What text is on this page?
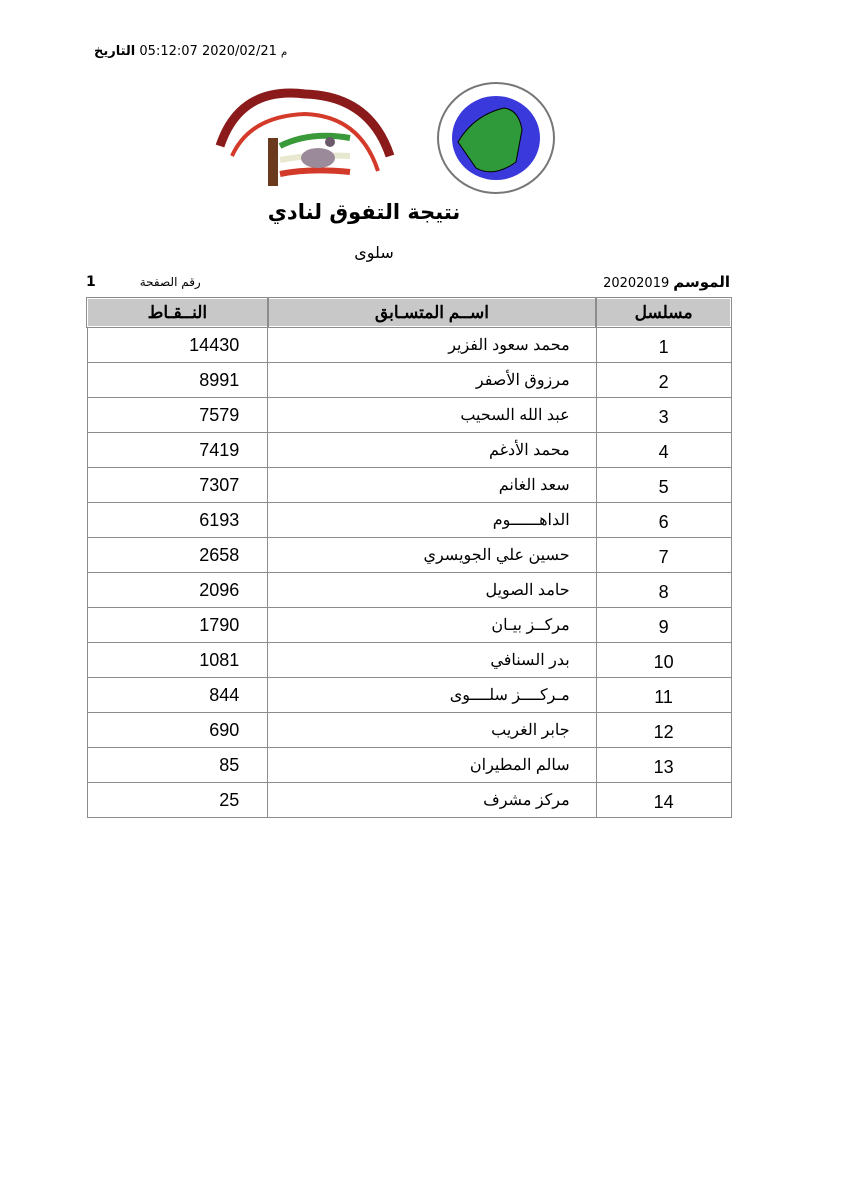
م 2020/02/21 05:12:07 التاريخ
نتيجة التفوق لنادي
سلوى
الموسم20202019
1	رقم الصفحة
النــقـاط	اســم المتسـابق	مسلسل
14430	محمد سعود الفزير	1
8991	مرزوق الأصفر	2
7579	عبد الله السحيب	3
7419	محمد الأدغم	4
7307	سعد الغانم	5
6193	الداهــــــوم	6
2658	حسين علي الجويسري	7
2096	حامد الصويل	8
1790	مركــز بيـان	9
1081	بدر السنافي	10
844	مـركــــز سلــــوى	11
690	جابر الغريب	12
85	سالم المطيران	13
25	مركز مشرف	14
